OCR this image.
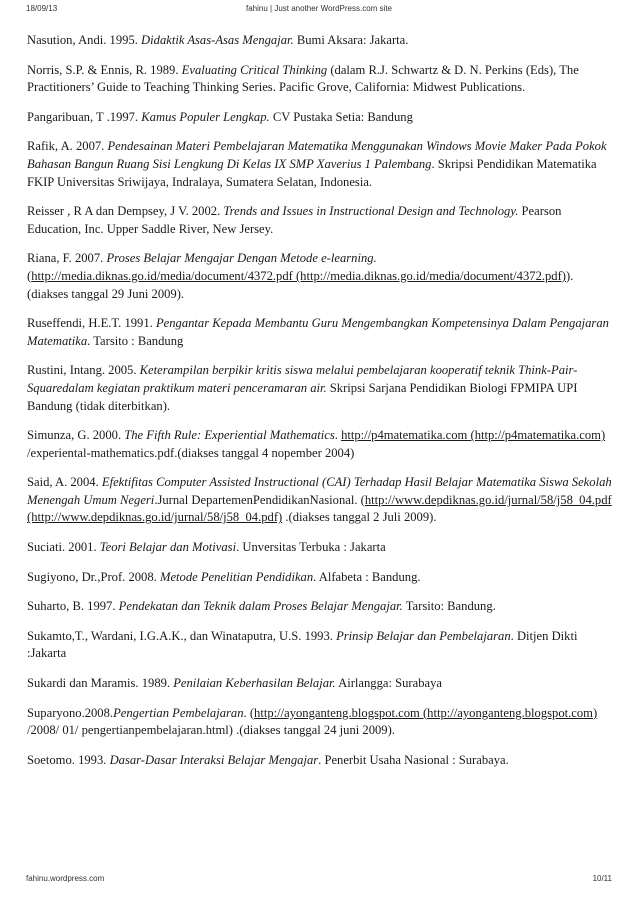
18/09/13	fahinu | Just another WordPress.com site

Nasution, Andi. 1995. Didaktik Asas-Asas Mengajar. Bumi Aksara: Jakarta.

Norris, S.P. & Ennis, R. 1989. Evaluating Critical Thinking (dalam R.J. Schwartz & D. N. Perkins (Eds), The Practitioners’ Guide to Teaching Thinking Series. Pacific Grove, California: Midwest Publications.

Pangaribuan, T .1997. Kamus Populer Lengkap. CV Pustaka Setia: Bandung

Rafik, A. 2007. Pendesainan Materi Pembelajaran Matematika Menggunakan Windows Movie Maker Pada Pokok Bahasan Bangun Ruang Sisi Lengkung Di Kelas IX SMP Xaverius 1 Palembang. Skripsi Pendidikan Matematika FKIP Universitas Sriwijaya, Indralaya, Sumatera Selatan, Indonesia.

Reisser , R A dan Dempsey, J V. 2002. Trends and Issues in Instructional Design and Technology. Pearson Education, Inc. Upper Saddle River, New Jersey.

Riana, F. 2007. Proses Belajar Mengajar Dengan Metode e-learning. (http://media.diknas.go.id/media/document/4372.pdf (http://media.diknas.go.id/media/document/4372.pdf)).(diakses tanggal 29 Juni 2009).

Ruseffendi, H.E.T. 1991. Pengantar Kepada Membantu Guru Mengembangkan Kompetensinya Dalam Pengajaran Matematika. Tarsito : Bandung

Rustini, Intang. 2005. Keterampilan berpikir kritis siswa melalui pembelajaran kooperatif teknik Think-Pair-Squaredalam kegiatan praktikum materi penceramaran air. Skripsi Sarjana Pendidikan Biologi FPMIPA UPI Bandung (tidak diterbitkan).

Simunza, G. 2000. The Fifth Rule: Experiential Mathematics. http://p4matematika.com (http://p4matematika.com) /experiental-mathematics.pdf.(diakses tanggal 4 nopember 2004)

Said, A. 2004. Efektifitas Computer Assisted Instructional (CAI) Terhadap Hasil Belajar Matematika Siswa Sekolah Menengah Umum Negeri.Jurnal DepartemenPendidikanNasional. (http://www.depdiknas.go.id/jurnal/58/j58_04.pdf (http://www.depdiknas.go.id/jurnal/58/j58_04.pdf) .(diakses tanggal 2 Juli 2009).

Suciati. 2001. Teori Belajar dan Motivasi. Unversitas Terbuka : Jakarta

Sugiyono, Dr.,Prof. 2008. Metode Penelitian Pendidikan. Alfabeta : Bandung.

Suharto, B. 1997. Pendekatan dan Teknik dalam Proses Belajar Mengajar. Tarsito: Bandung.

Sukamto,T., Wardani, I.G.A.K., dan Winataputra, U.S. 1993. Prinsip Belajar dan Pembelajaran. Ditjen Dikti :Jakarta

Sukardi dan Maramis. 1989. Penilaian Keberhasilan Belajar. Airlangga: Surabaya

Suparyono.2008.Pengertian Pembelajaran. (http://ayonganteng.blogspot.com (http://ayonganteng.blogspot.com) /2008/ 01/ pengertianpembelajaran.html) .(diakses tanggal 24 juni 2009).

Soetomo. 1993. Dasar-Dasar Interaksi Belajar Mengajar. Penerbit Usaha Nasional : Surabaya.

fahinu.wordpress.com	10/11
